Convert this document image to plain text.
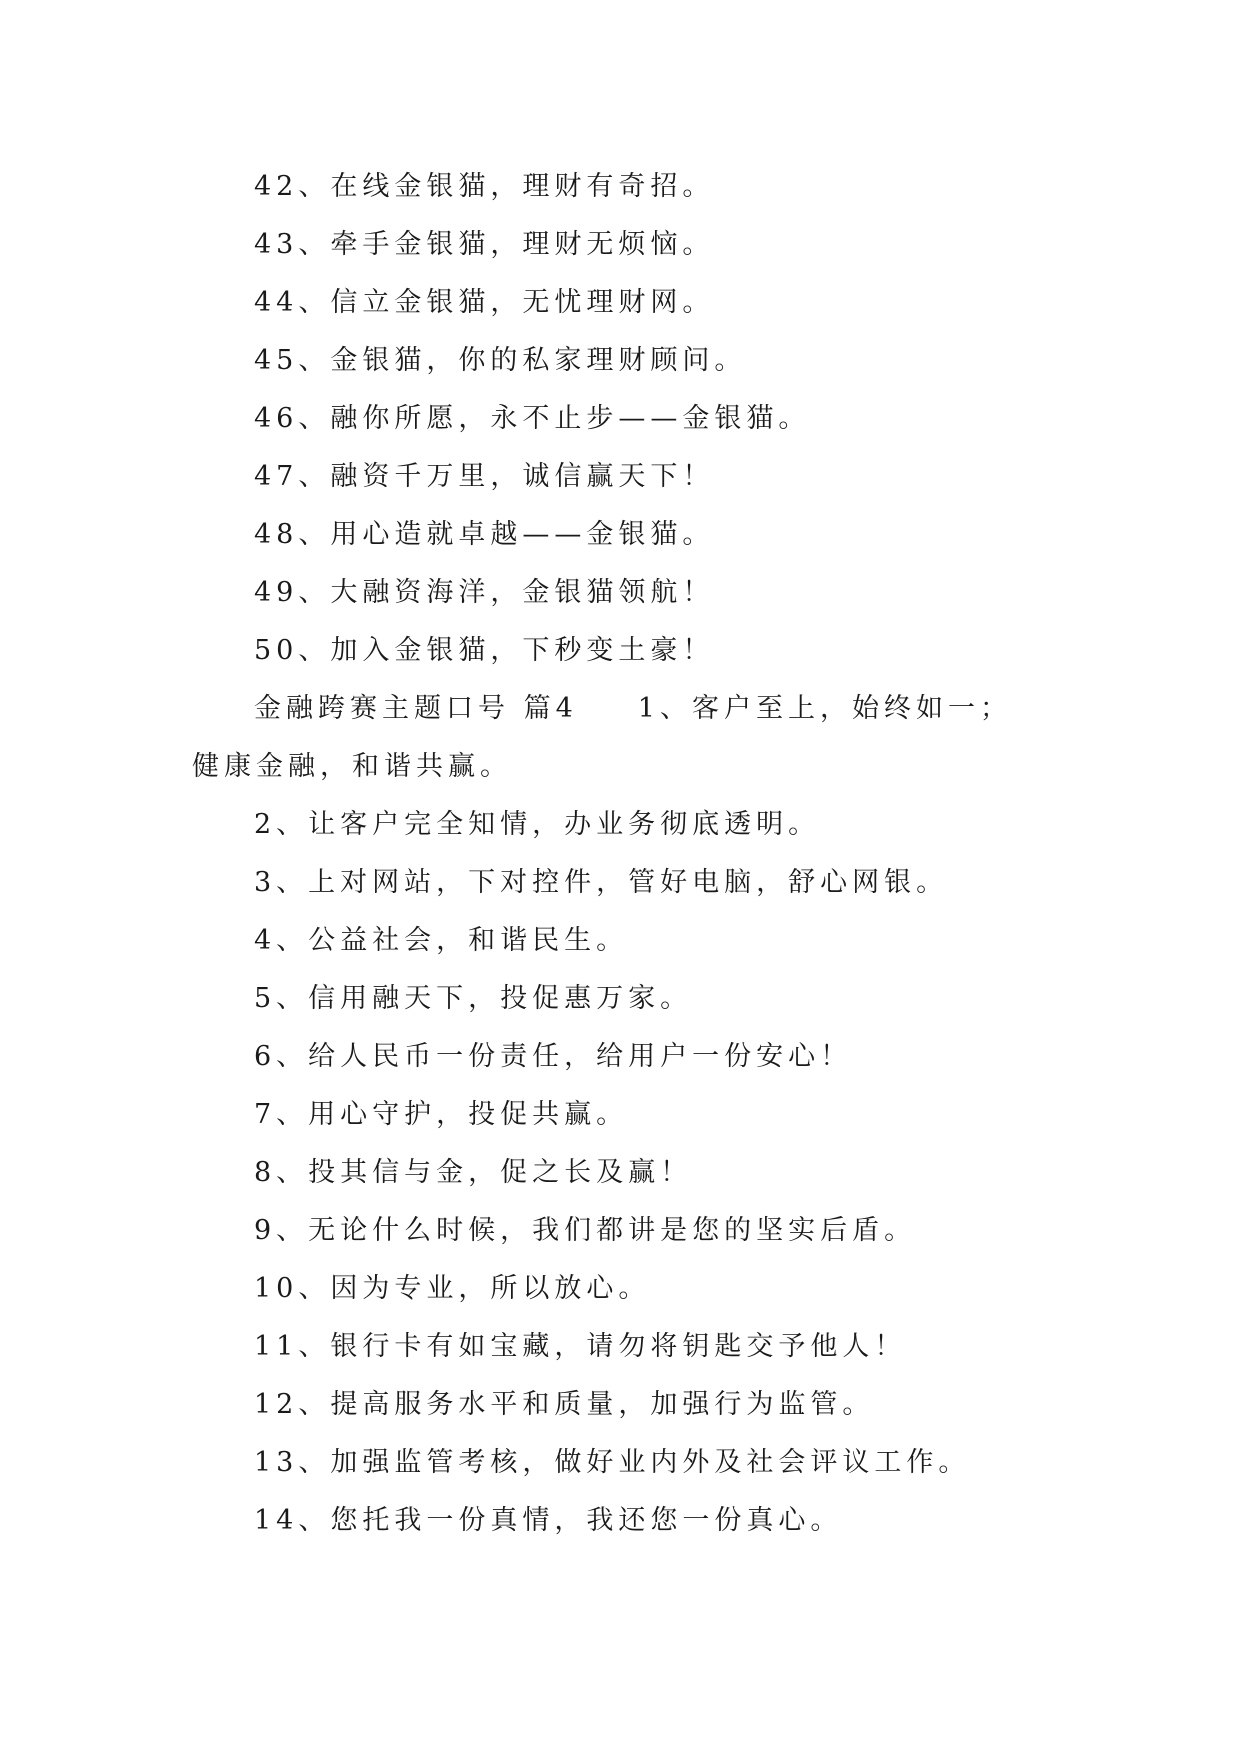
42、在线金银猫，理财有奇招。
43、牵手金银猫，理财无烦恼。
44、信立金银猫，无忧理财网。
45、金银猫，你的私家理财顾问。
46、融你所愿，永不止步——金银猫。
47、融资千万里，诚信赢天下！
48、用心造就卓越——金银猫。
49、大融资海洋，金银猫领航！
50、加入金银猫，下秒变土豪！
金融跨赛主题口号 篇4 1、客户至上，始终如一；
健康金融，和谐共赢。
2、让客户完全知情，办业务彻底透明。
3、上对网站，下对控件，管好电脑，舒心网银。
4、公益社会，和谐民生。
5、信用融天下，投促惠万家。
6、给人民币一份责任，给用户一份安心！
7、用心守护，投促共赢。
8、投其信与金，促之长及赢！
9、无论什么时候，我们都讲是您的坚实后盾。
10、因为专业，所以放心。
11、银行卡有如宝藏，请勿将钥匙交予他人！
12、提高服务水平和质量，加强行为监管。
13、加强监管考核，做好业内外及社会评议工作。
14、您托我一份真情，我还您一份真心。
